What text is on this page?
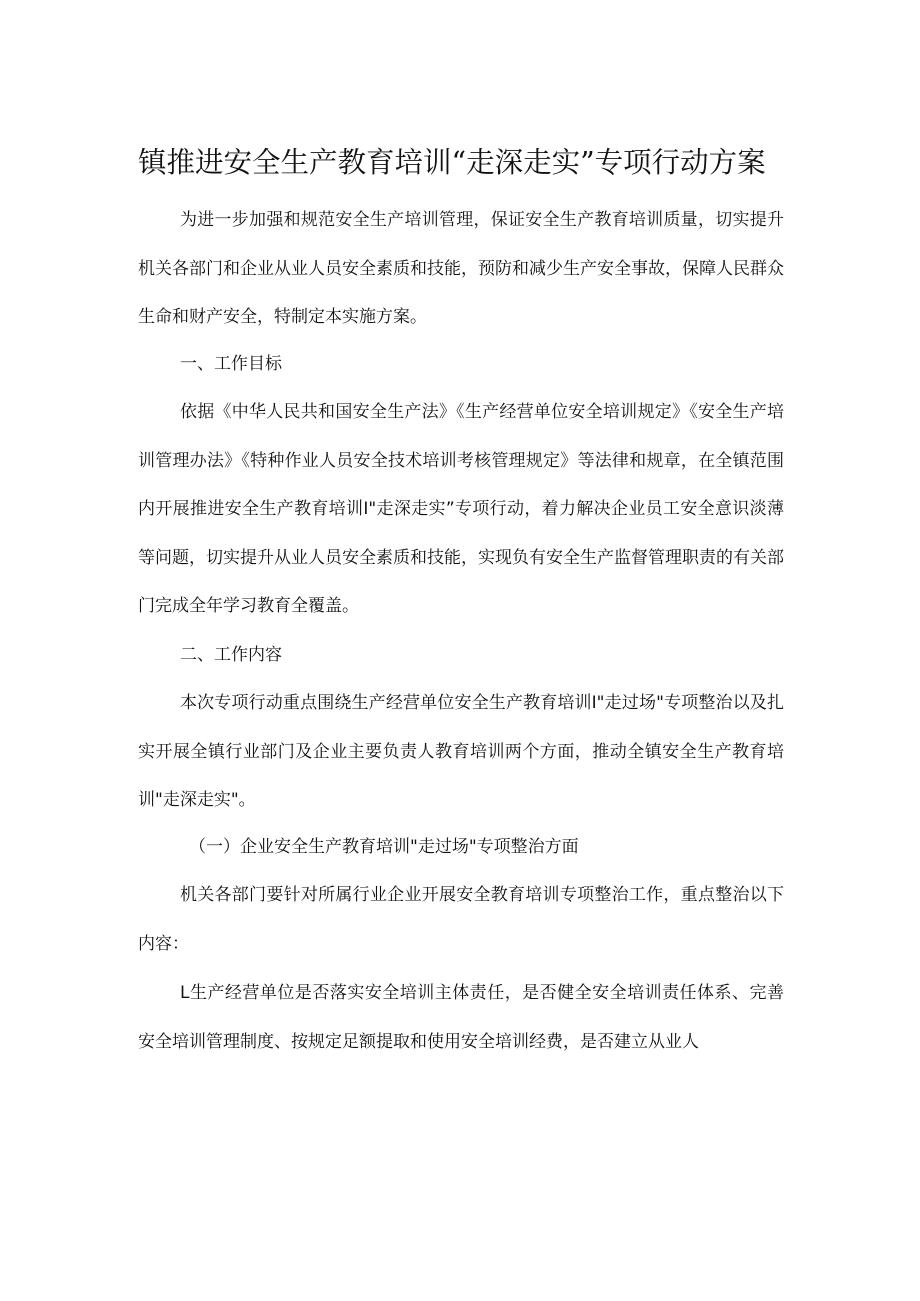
镇推进安全生产教育培训“走深走实”专项行动方案

为进一步加强和规范安全生产培训管理，保证安全生产教育培训质量，切实提升机关各部门和企业从业人员安全素质和技能，预防和减少生产安全事故，保障人民群众生命和财产安全，特制定本实施方案。

一、工作目标

依据《中华人民共和国安全生产法》《生产经营单位安全培训规定》《安全生产培训管理办法》《特种作业人员安全技术培训考核管理规定》等法律和规章，在全镇范围内开展推进安全生产教育培训I"走深走实”专项行动，着力解决企业员工安全意识淡薄等问题，切实提升从业人员安全素质和技能，实现负有安全生产监督管理职责的有关部门完成全年学习教育全覆盖。

二、工作内容

本次专项行动重点围绕生产经营单位安全生产教育培训I"走过场"专项整治以及扎实开展全镇行业部门及企业主要负责人教育培训两个方面，推动全镇安全生产教育培训"走深走实"。

（一）企业安全生产教育培训"走过场"专项整治方面

机关各部门要针对所属行业企业开展安全教育培训专项整治工作，重点整治以下内容：

L生产经营单位是否落实安全培训主体责任，是否健全安全培训责任体系、完善安全培训管理制度、按规定足额提取和使用安全培训经费，是否建立从业人
